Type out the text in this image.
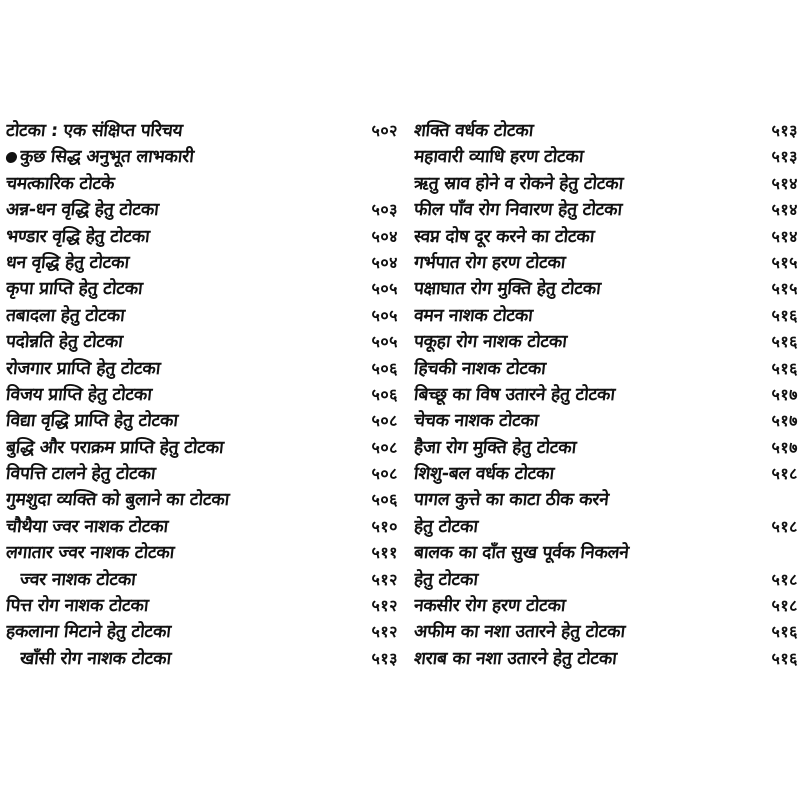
टोटका : एक संक्षिप्त परिचय	५०२
कुछ सिद्ध अनुभूत लाभकारी
चमत्कारिक टोटके
अन्न-धन वृद्धि हेतु टोटका	५०३
भण्डार वृद्धि हेतु टोटका	५०४
धन वृद्धि हेतु टोटका	५०४
कृपा प्राप्ति हेतु टोटका	५०५
तबादला हेतु टोटका	५०५
पदोन्नति हेतु टोटका	५०५
रोजगार प्राप्ति हेतु टोटका	५०६
विजय प्राप्ति हेतु टोटका	५०६
विद्या वृद्धि प्राप्ति हेतु टोटका	५०८
बुद्धि और पराक्रम प्राप्ति हेतु टोटका	५०८
विपत्ति टालने हेतु टोटका	५०८
गुमशुदा व्यक्ति को बुलाने का टोटका	५०६
चौथैया ज्वर नाशक टोटका	५१०
लगातार ज्वर नाशक टोटका	५११
ज्वर नाशक टोटका	५१२
पित्त रोग नाशक टोटका	५१२
हकलाना मिटाने हेतु टोटका	५१२
खाँसी रोग नाशक टोटका	५१३
शक्ति वर्धक टोटका	५१३
महावारी व्याधि हरण टोटका	५१३
ऋतु स्राव होने व रोकने हेतु टोटका	५१४
फील पाँव रोग निवारण हेतु टोटका	५१४
स्वप्न दोष दूर करने का टोटका	५१४
गर्भपात रोग हरण टोटका	५१५
पक्षाघात रोग मुक्ति हेतु टोटका	५१५
वमन नाशक टोटका	५१६
पकूहा रोग नाशक टोटका	५१६
हिचकी नाशक टोटका	५१६
बिच्छू का विष उतारने हेतु टोटका	५१७
चेचक नाशक टोटका	५१७
हैजा रोग मुक्ति हेतु टोटका	५१७
शिशु-बल वर्धक टोटका	५१८
पागल कुत्ते का काटा ठीक करने
हेतु टोटका	५१८
बालक का दाँत सुख पूर्वक निकलने
हेतु टोटका	५१८
नकसीर रोग हरण टोटका	५१८
अफीम का नशा उतारने हेतु टोटका	५१६
शराब का नशा उतारने हेतु टोटका	५१६
